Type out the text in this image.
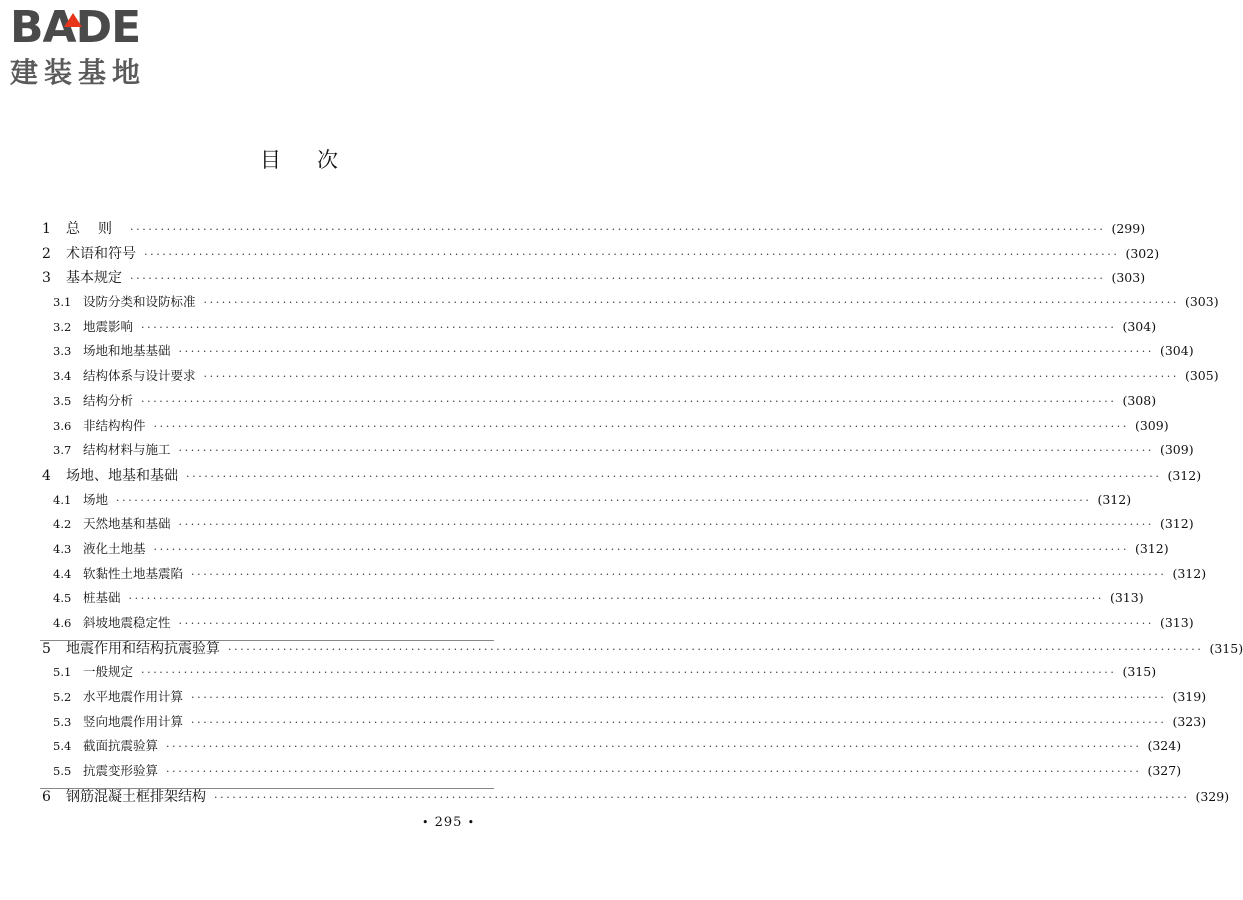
BADE
建装基地
目 次
1	总则 ································································································································································ (299)
2	术语和符号 ································································································································································ (302)
3	基本规定 ································································································································································ (303)
3.1 设防分类和设防标准 ································································································································································ (303)
3.2 地震影响 ································································································································································ (304)
3.3 场地和地基基础 ································································································································································ (304)
3.4 结构体系与设计要求 ································································································································································ (305)
3.5 结构分析 ································································································································································ (308)
3.6 非结构构件 ································································································································································ (309)
3.7 结构材料与施工 ································································································································································ (309)
4	场地、地基和基础 ································································································································································ (312)
4.1 场地 ································································································································································ (312)
4.2 天然地基和基础 ································································································································································ (312)
4.3 液化土地基 ································································································································································ (312)
4.4 软黏性土地基震陷 ································································································································································ (312)
4.5 桩基础 ································································································································································ (313)
4.6 斜坡地震稳定性 ································································································································································ (313)
5	地震作用和结构抗震验算 ································································································································································ (315)
5.1 一般规定 ································································································································································ (315)
5.2 水平地震作用计算 ································································································································································ (319)
5.3 竖向地震作用计算 ································································································································································ (323)
5.4 截面抗震验算 ································································································································································ (324)
5.5 抗震变形验算 ································································································································································ (327)
6	钢筋混凝土框排架结构 ································································································································································ (329)
• 295 •
